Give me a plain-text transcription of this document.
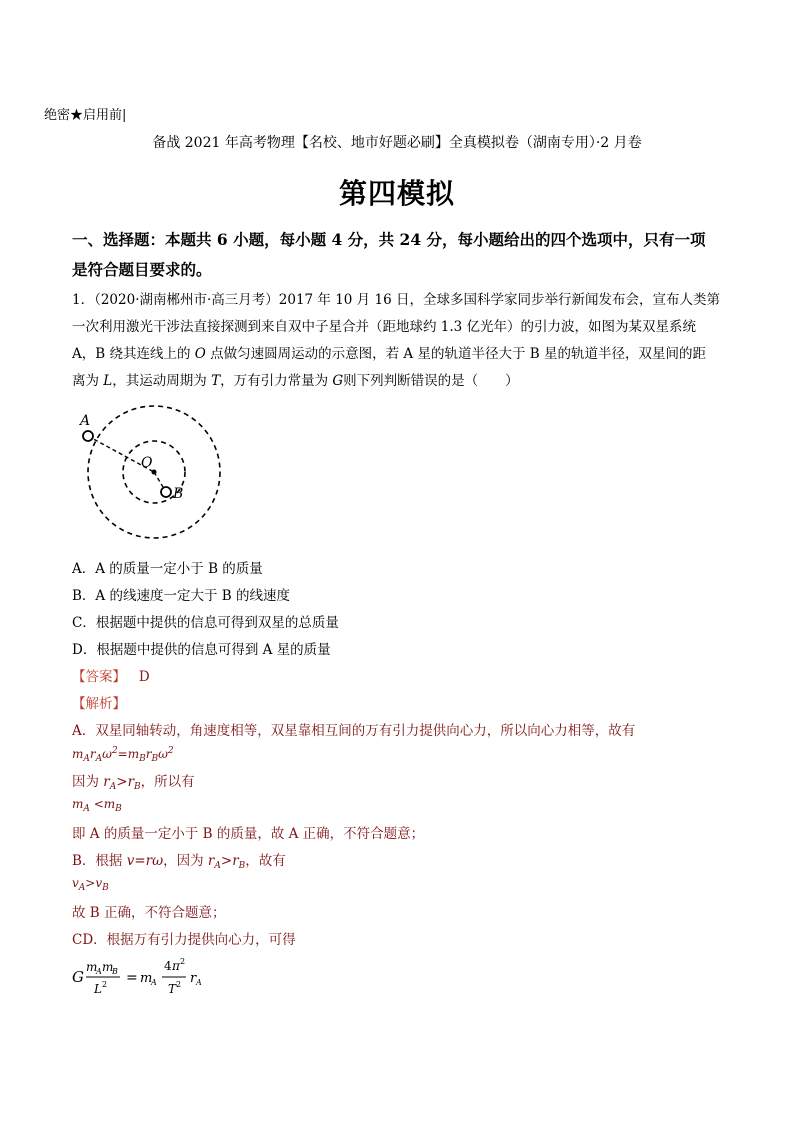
绝密★启用前|
备战 2021 年高考物理【名校、地市好题必刷】全真模拟卷（湖南专用）·2 月卷
第四模拟
一、选择题：本题共 6 小题，每小题 4 分，共 24 分，每小题给出的四个选项中，只有一项
是符合题目要求的。
1．（2020·湖南郴州市·高三月考）2017 年 10 月 16 日，全球多国科学家同步举行新闻发布会，宣布人类第
一次利用激光干涉法直接探测到来自双中子星合并（距地球约 1.3 亿光年）的引力波，如图为某双星系统
A，B 绕其连线上的 O 点做匀速圆周运动的示意图，若 A 星的轨道半径大于 B 星的轨道半径，双星间的距
离为 L，其运动周期为 T，万有引力常量为 G则下列判断错误的是（　　）
A
O
B
A．A 的质量一定小于 B 的质量
B．A 的线速度一定大于 B 的线速度
C．根据题中提供的信息可得到双星的总质量
D．根据题中提供的信息可得到 A 星的质量
【答案】 D
【解析】
A．双星同轴转动，角速度相等，双星靠相互间的万有引力提供向心力，所以向心力相等，故有
$m_Ar_A\omega^2=m_Br_B\omega^2$
因为 $r_A>r_B$，所以有
$m_A <m_B$
即 A 的质量一定小于 B 的质量，故 A 正确，不符合题意；
B．根据 v=rω，因为 $r_A>r_B$，故有
$v_A>v_B$
故 B 正确，不符合题意；
CD．根据万有引力提供向心力，可得
G
m
A m
B
L 2 = m
A
4 π 2
T 2 r A
